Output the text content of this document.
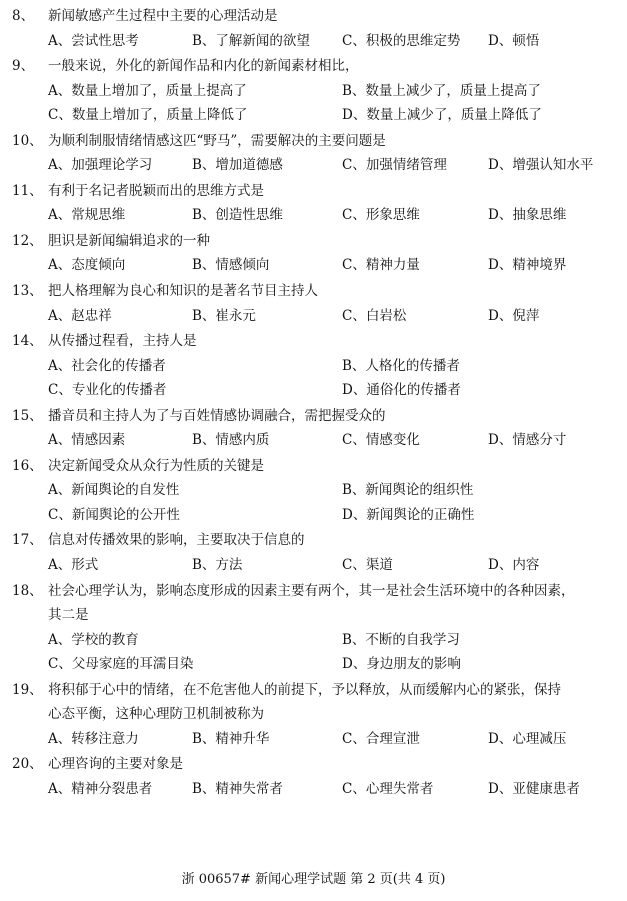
8、 新闻敏感产生过程中主要的心理活动是
A、尝试性思考	B、了解新闻的欲望 C、积极的思维定势 D、顿悟
9、 一般来说，外化的新闻作品和内化的新闻素材相比，
A、数量上增加了，质量上提高了	B、数量上减少了，质量上提高了
C、数量上增加了，质量上降低了	D、数量上减少了，质量上降低了
10、 为顺利制服情绪情感这匹“野马”，需要解决的主要问题是
A、加强理论学习	B、增加道德感	C、加强情绪管理	D、增强认知水平
11、 有利于名记者脱颖而出的思维方式是
A、常规思维	B、创造性思维	C、形象思维	D、抽象思维
12、 胆识是新闻编辑追求的一种
A、态度倾向	B、情感倾向	C、精神力量	D、精神境界
13、 把人格理解为良心和知识的是著名节目主持人
A、赵忠祥	B、崔永元	C、白岩松	D、倪萍
14、 从传播过程看，主持人是
A、社会化的传播者	B、人格化的传播者
C、专业化的传播者	D、通俗化的传播者
15、 播音员和主持人为了与百姓情感协调融合，需把握受众的
A、情感因素	B、情感内质	C、情感变化	D、情感分寸
16、 决定新闻受众从众行为性质的关键是
A、新闻舆论的自发性	B、新闻舆论的组织性
C、新闻舆论的公开性	D、新闻舆论的正确性
17、 信息对传播效果的影响，主要取决于信息的
A、形式	B、方法	C、渠道	D、内容
18、 社会心理学认为，影响态度形成的因素主要有两个，其一是社会生活环境中的各种因素，
其二是
A、学校的教育	B、不断的自我学习
C、父母家庭的耳濡目染	D、身边朋友的影响
19、 将积郁于心中的情绪，在不危害他人的前提下，予以释放，从而缓解内心的紧张，保持
心态平衡，这种心理防卫机制被称为
A、转移注意力	B、精神升华	C、合理宣泄	D、心理减压
20、 心理咨询的主要对象是
A、精神分裂患者	B、精神失常者	C、心理失常者	D、亚健康患者
浙 00657# 新闻心理学试题 第 2 页(共 4 页)
